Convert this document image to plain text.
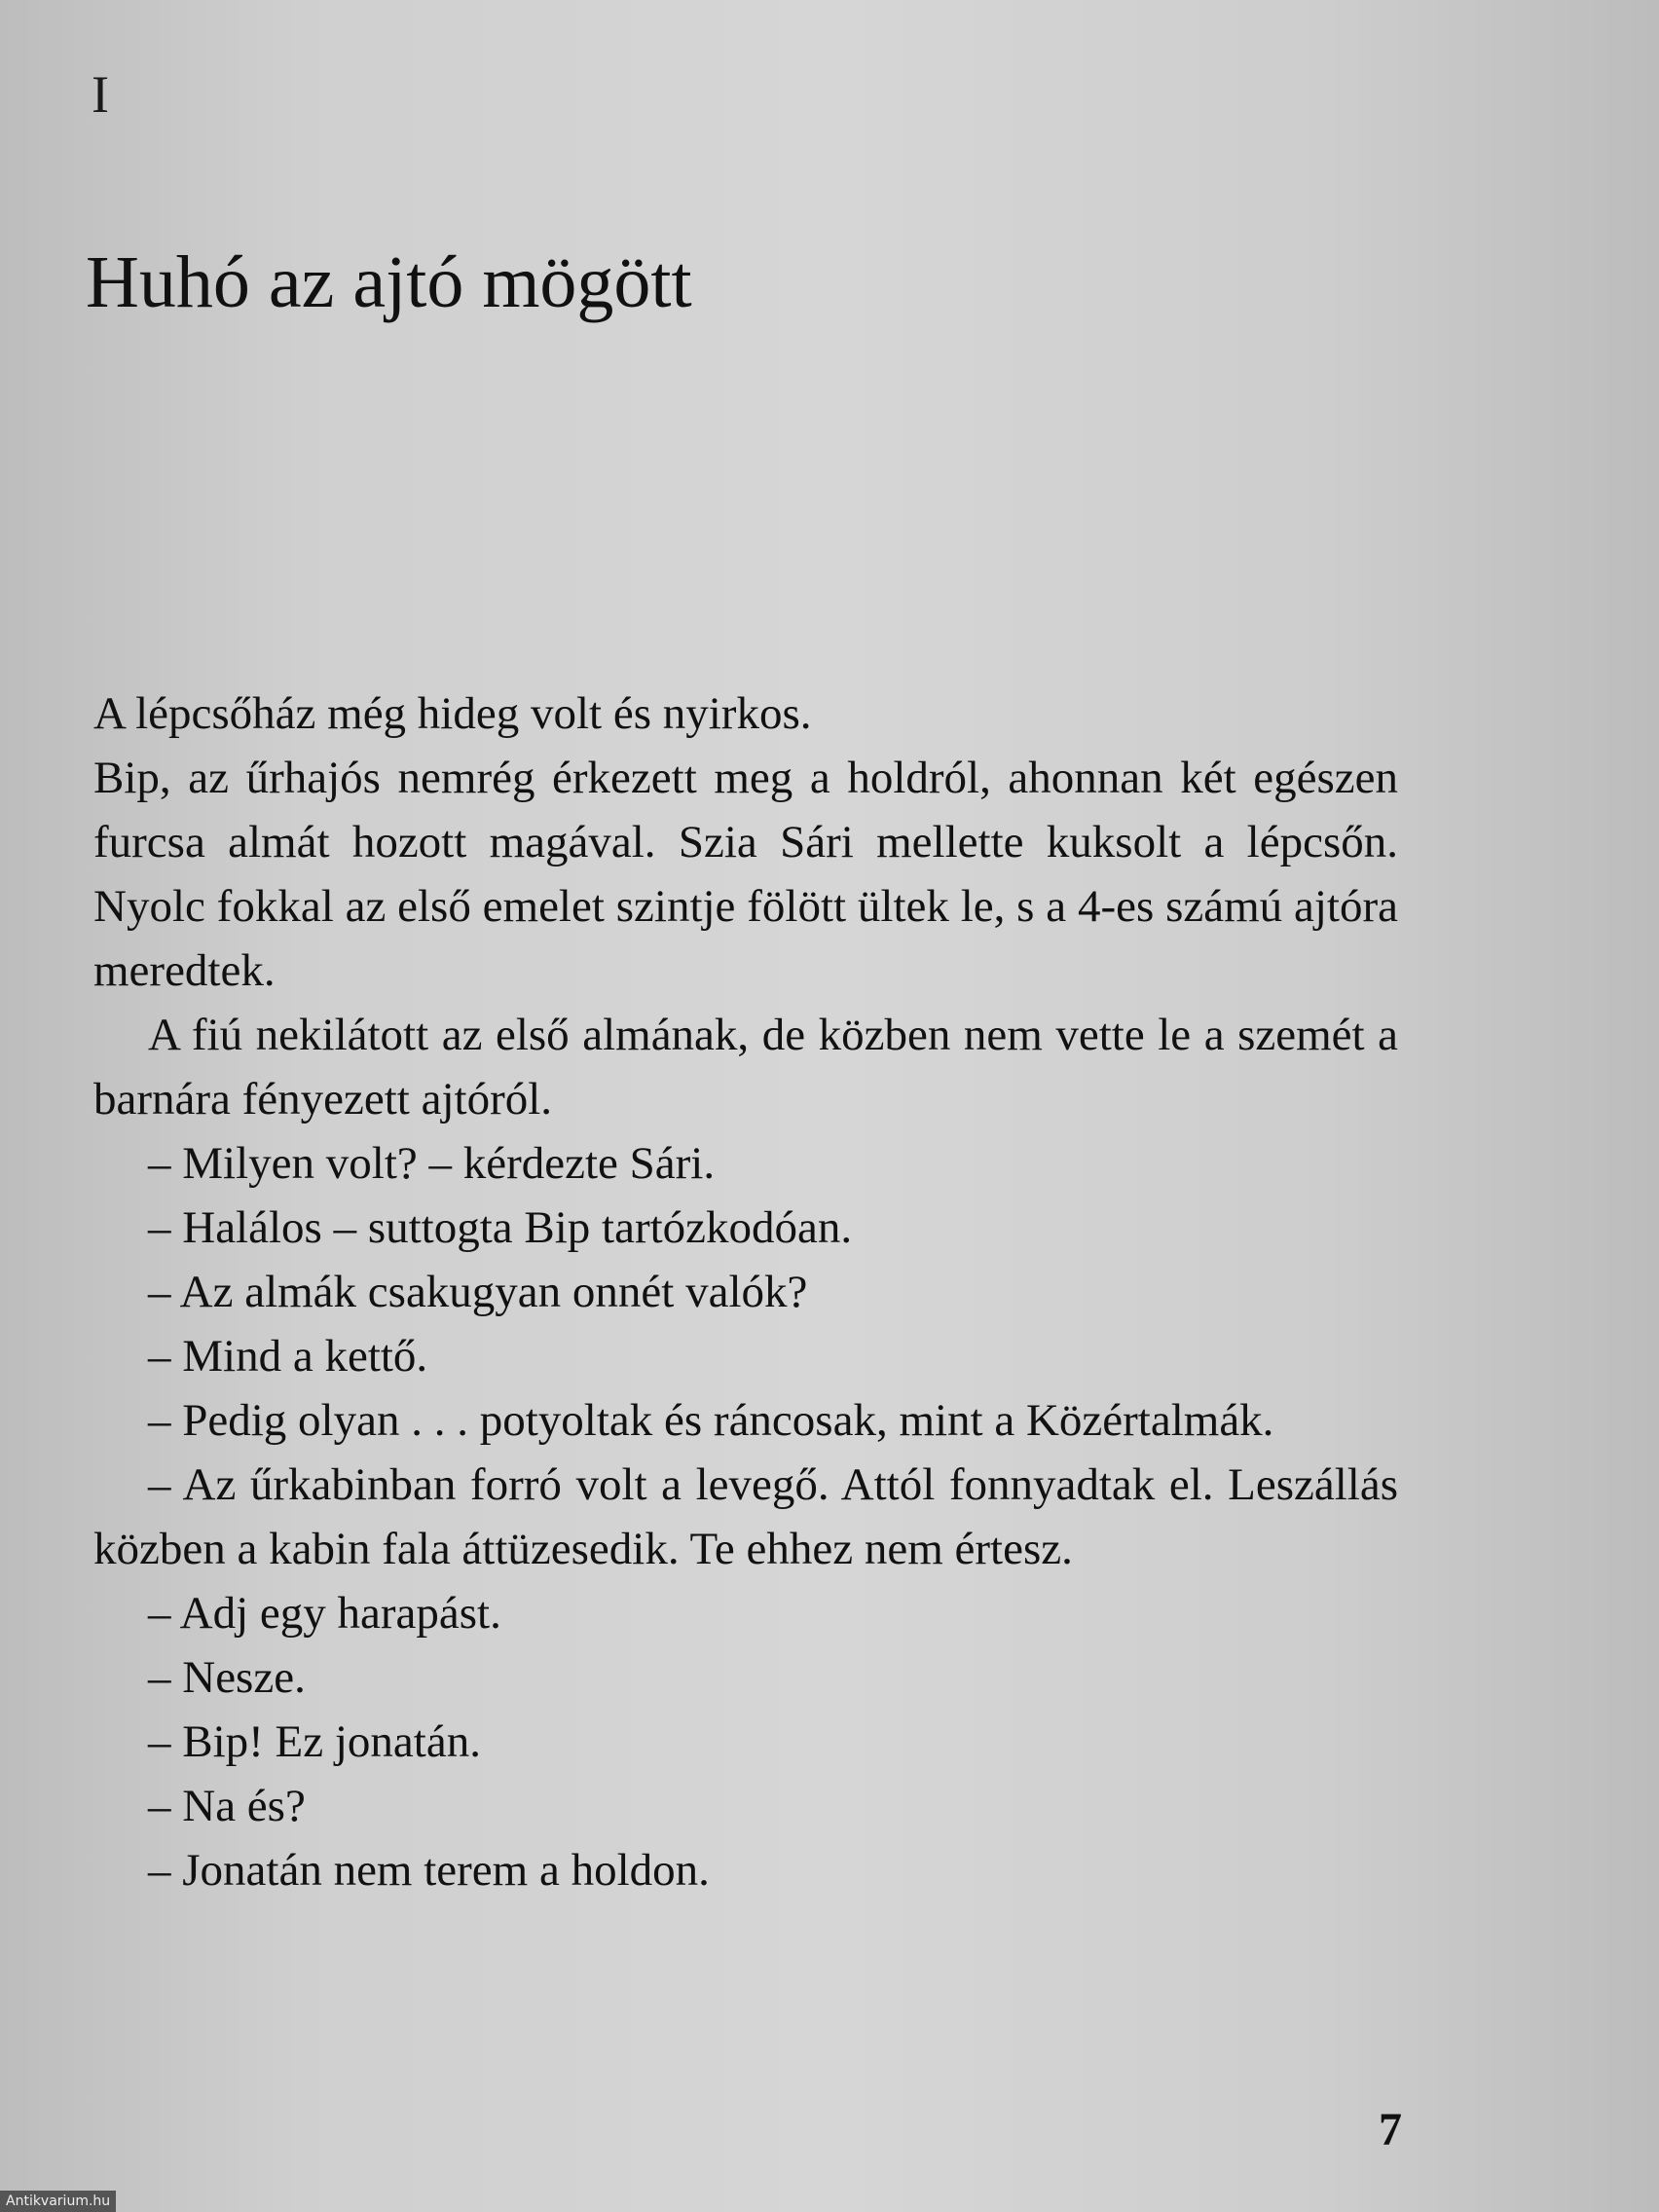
I
Huhó az ajtó mögött

A lépcsőház még hideg volt és nyirkos.

Bip, az űrhajós nemrég érkezett meg a holdról, ahonnan két egészen furcsa almát hozott magával. Szia Sári mellette kuksolt a lépcsőn. Nyolc fokkal az első emelet szintje fölött ültek le, s a 4-es számú ajtóra meredtek.

A fiú nekilátott az első almának, de közben nem vette le a szemét a barnára fényezett ajtóról.

– Milyen volt? – kérdezte Sári.

– Halálos – suttogta Bip tartózkodóan.

– Az almák csakugyan onnét valók?

– Mind a kettő.

– Pedig olyan . . . potyoltak és ráncosak, mint a Közértalmák.

– Az űrkabinban forró volt a levegő. Attól fonnyadtak el. Leszállás közben a kabin fala áttüzesedik. Te ehhez nem értesz.

– Adj egy harapást.

– Nesze.

– Bip! Ez jonatán.

– Na és?

– Jonatán nem terem a holdon.

7
Antikvarium.hu
